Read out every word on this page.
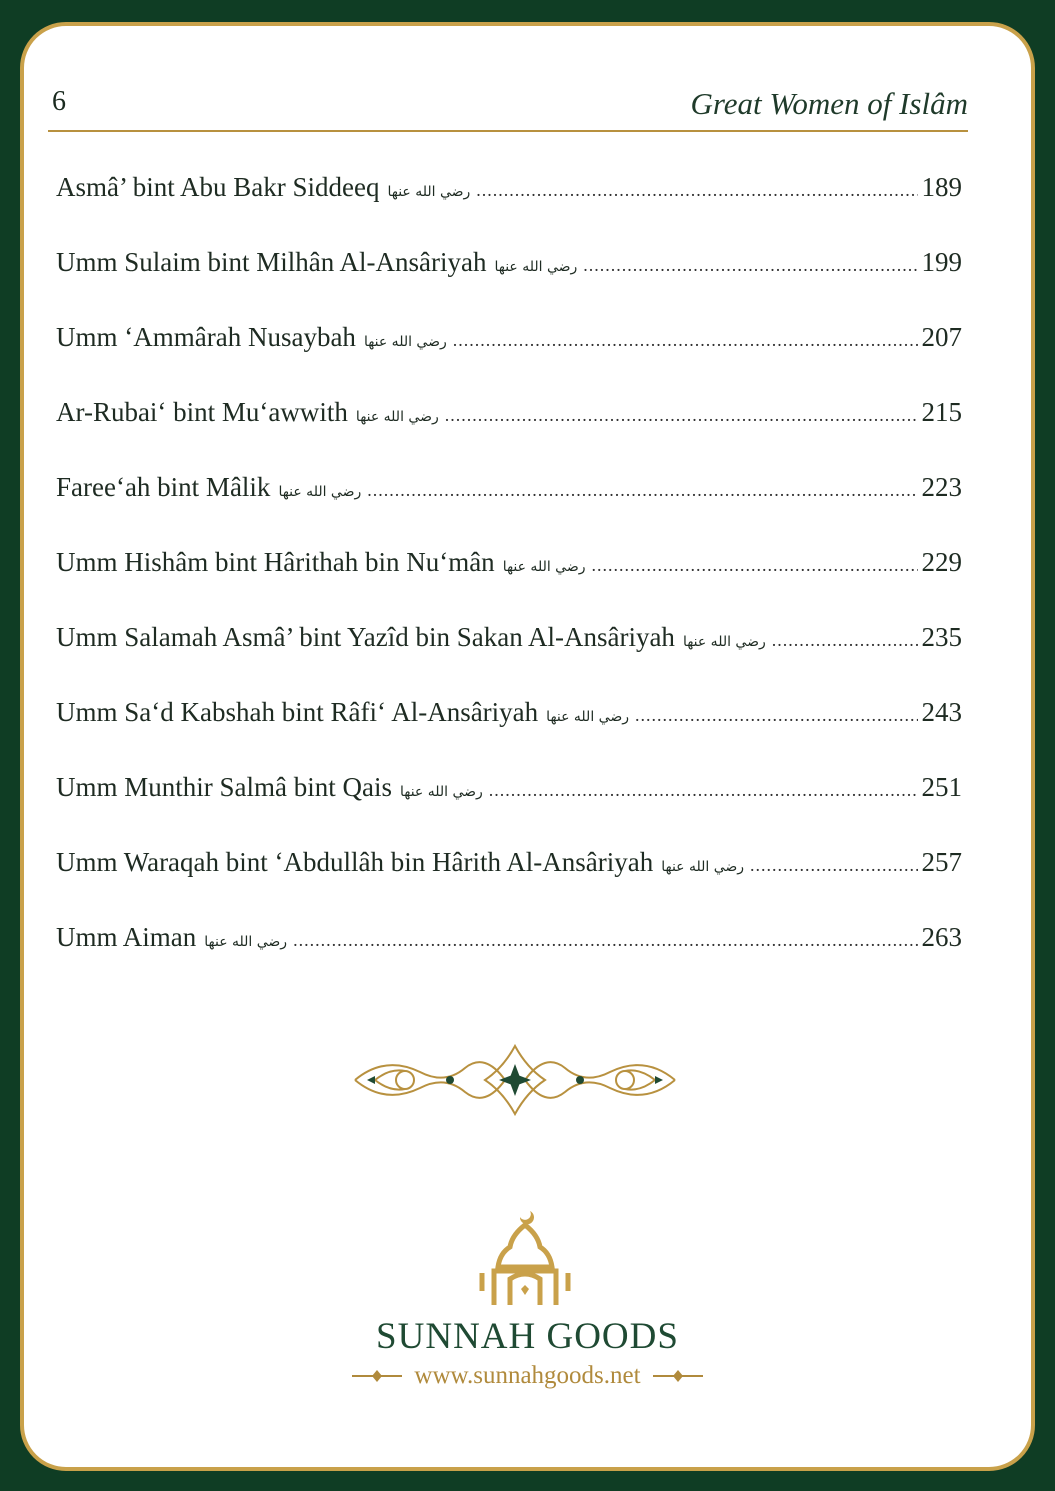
6	Great Women of Islâm
Asmâ’ bint Abu Bakr Siddeeq رضي الله عنها .....	189
Umm Sulaim bint Milhân Al-Ansâriyah رضي الله عنها .....	199
Umm ‘Ammârah Nusaybah رضي الله عنها .....	207
Ar-Rubai‘ bint Mu‘awwith رضي الله عنها .....	215
Faree‘ah bint Mâlik رضي الله عنها .....	223
Umm Hishâm bint Hârithah bin Nu‘mân رضي الله عنها .....	229
Umm Salamah Asmâ’ bint Yazîd bin Sakan Al-Ansâriyah رضي الله عنها .....	235
Umm Sa‘d Kabshah bint Râfi‘ Al-Ansâriyah رضي الله عنها .....	243
Umm Munthir Salmâ bint Qais رضي الله عنها .....	251
Umm Waraqah bint ‘Abdullâh bin Hârith Al-Ansâriyah رضي الله عنها .....	257
Umm Aiman رضي الله عنها .....	263
SUNNAH GOODS
www.sunnahgoods.net
